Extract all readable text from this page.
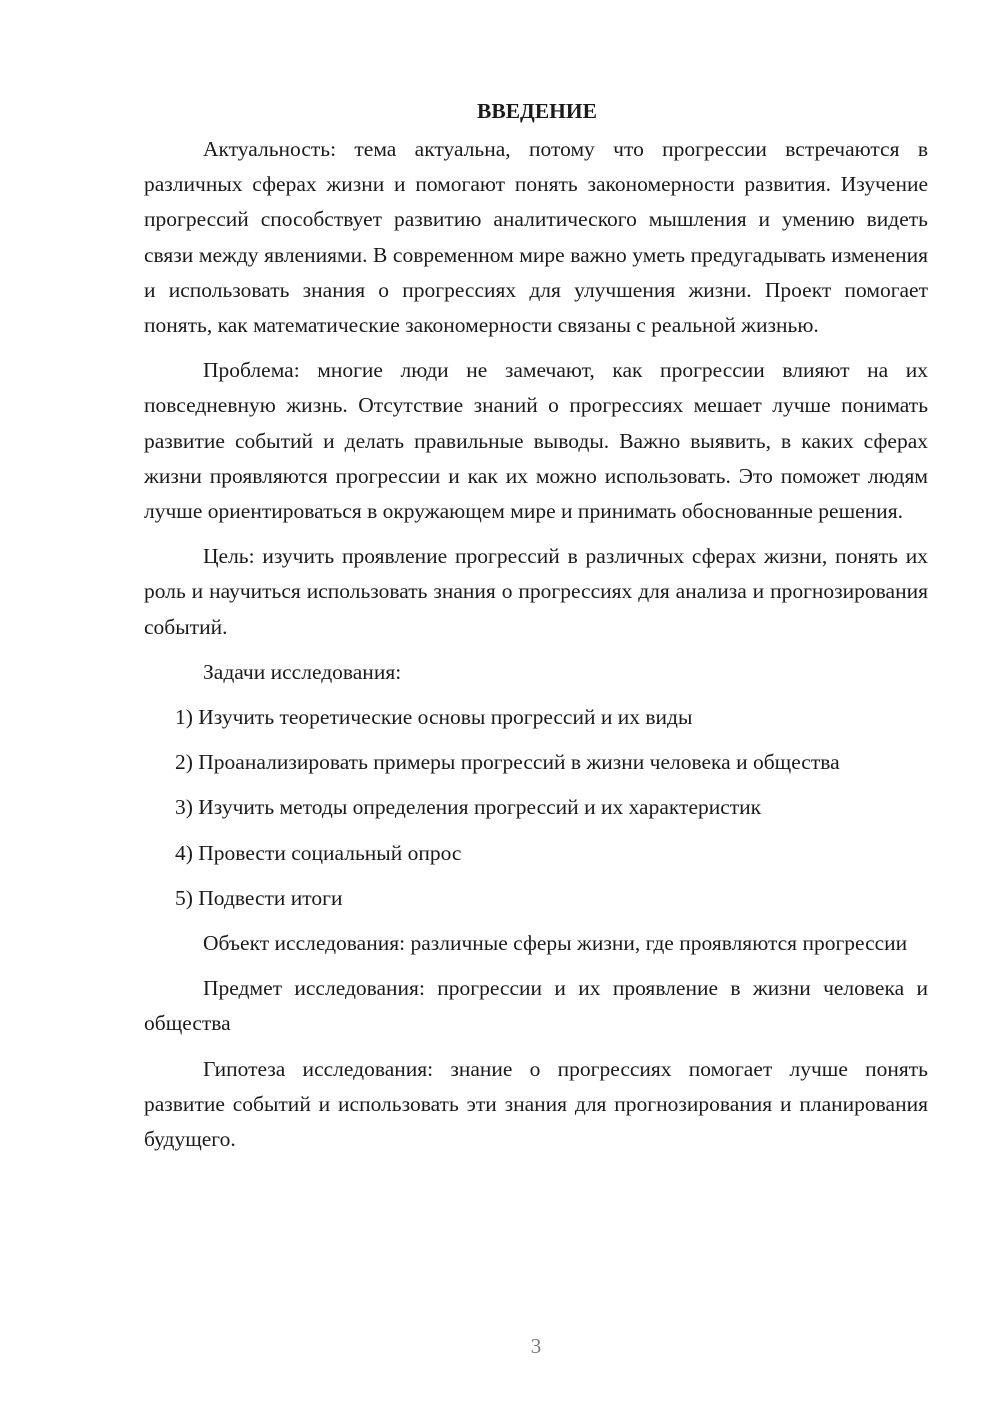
ВВЕДЕНИЕ

Актуальность: тема актуальна, потому что прогрессии встречаются в различных сферах жизни и помогают понять закономерности развития. Изучение прогрессий способствует развитию аналитического мышления и умению видеть связи между явлениями. В современном мире важно уметь предугадывать изменения и использовать знания о прогрессиях для улучшения жизни. Проект помогает понять, как математические закономерности связаны с реальной жизнью.

Проблема: многие люди не замечают, как прогрессии влияют на их повседневную жизнь. Отсутствие знаний о прогрессиях мешает лучше понимать развитие событий и делать правильные выводы. Важно выявить, в каких сферах жизни проявляются прогрессии и как их можно использовать. Это поможет людям лучше ориентироваться в окружающем мире и принимать обоснованные решения.

Цель: изучить проявление прогрессий в различных сферах жизни, понять их роль и научиться использовать знания о прогрессиях для анализа и прогнозирования событий.

Задачи исследования:

1) Изучить теоретические основы прогрессий и их виды

2) Проанализировать примеры прогрессий в жизни человека и общества

3) Изучить методы определения прогрессий и их характеристик

4) Провести социальный опрос

5) Подвести итоги

Объект исследования: различные сферы жизни, где проявляются прогрессии

Предмет исследования: прогрессии и их проявление в жизни человека и общества

Гипотеза исследования: знание о прогрессиях помогает лучше понять развитие событий и использовать эти знания для прогнозирования и планирования будущего.

3
